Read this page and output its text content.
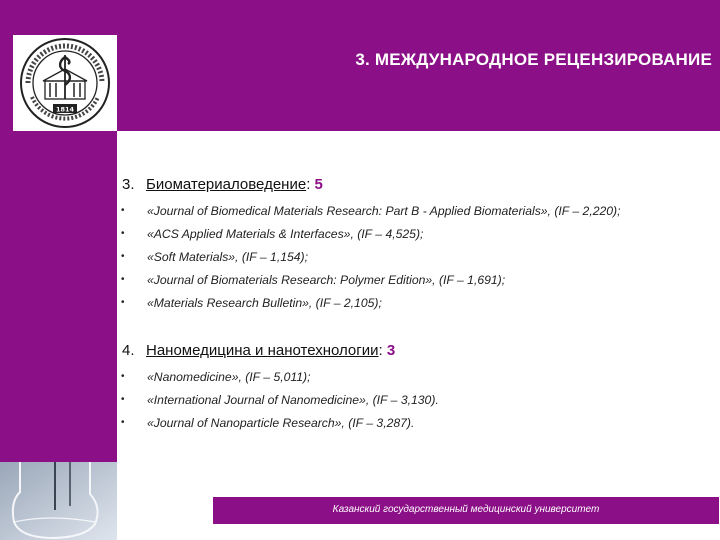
1814
3. МЕЖДУНАРОДНОЕ РЕЦЕНЗИРОВАНИЕ
3. Биоматериаловедение: 5
• «Journal of Biomedical Materials Research: Part B - Applied Biomaterials», (IF – 2,220);
• «ACS Applied Materials & Interfaces», (IF – 4,525);
• «Soft Materials», (IF – 1,154);
• «Journal of Biomaterials Research: Polymer Edition», (IF – 1,691);
• «Materials Research Bulletin», (IF – 2,105);
4. Наномедицина и нанотехнологии: 3
• «Nanomedicine», (IF – 5,011);
• «International Journal of Nanomedicine», (IF – 3,130).
• «Journal of Nanoparticle Research», (IF – 3,287).
Казанский государственный медицинский университет
